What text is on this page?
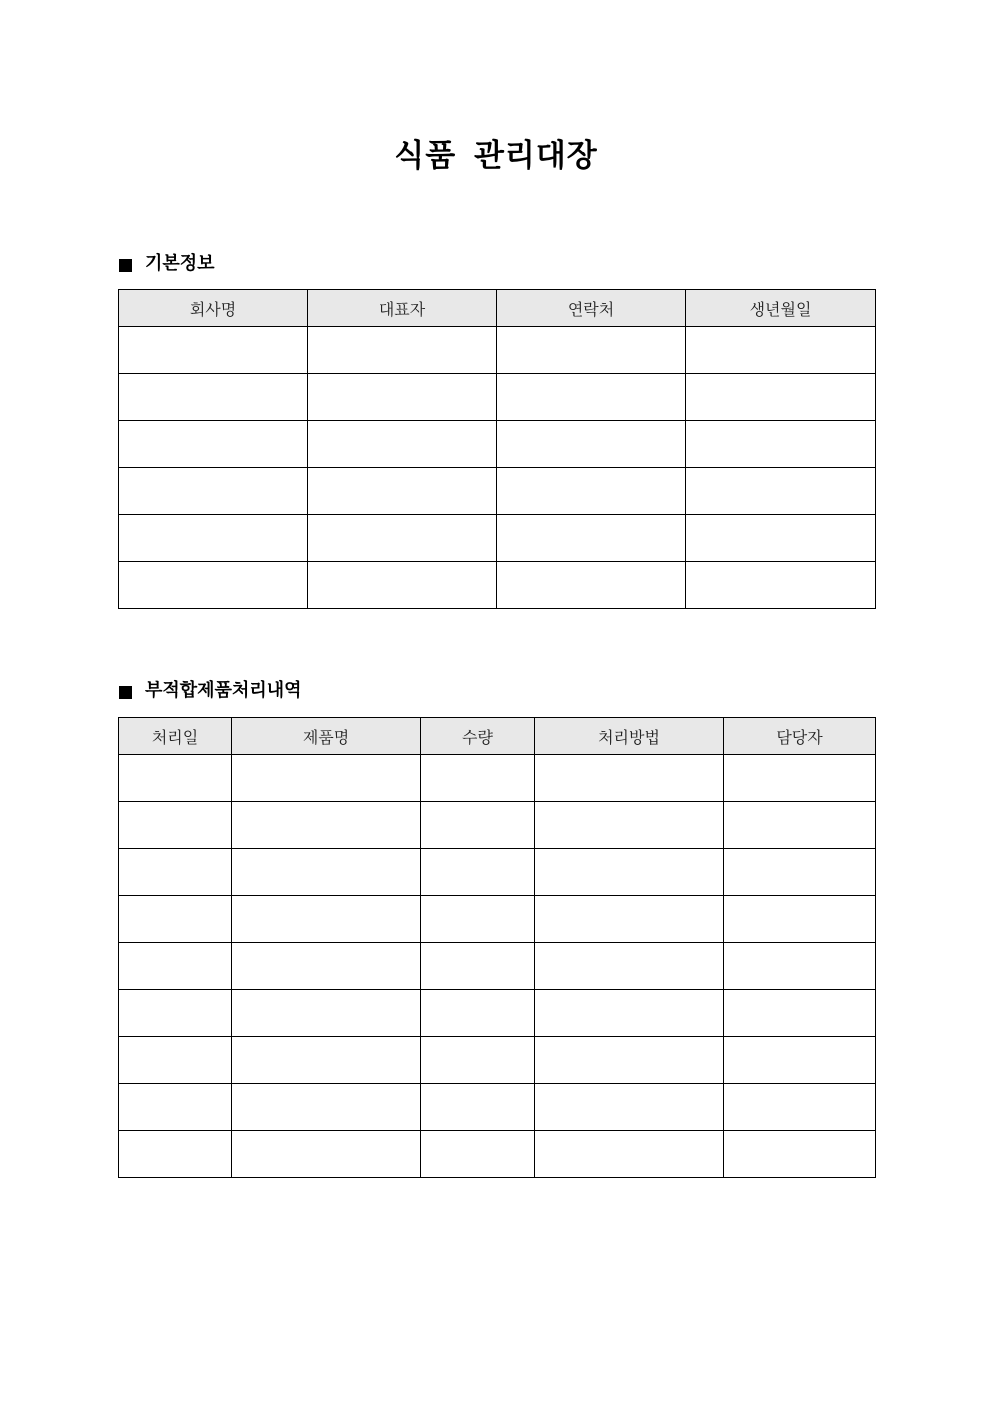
식품 관리대장
기본정보
회사명	대표자	연락처	생년월일

부적합제품처리내역
처리일	제품명	수량	처리방법	담당자
